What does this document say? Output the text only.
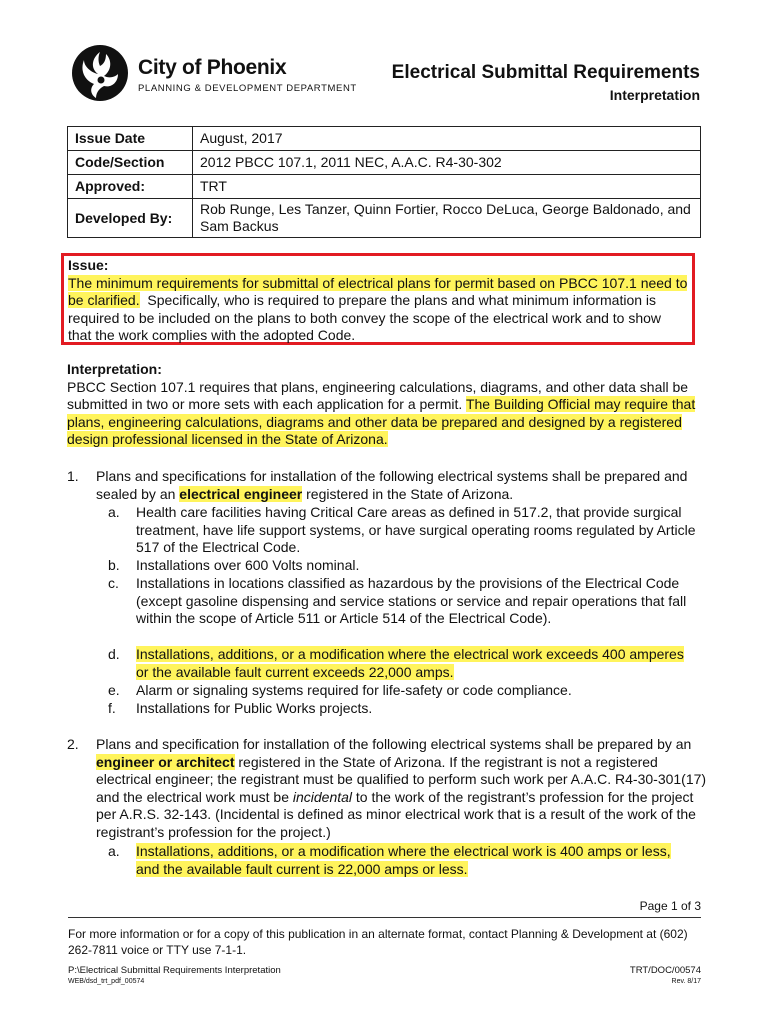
City of Phoenix
PLANNING & DEVELOPMENT DEPARTMENT
Electrical Submittal Requirements
Interpretation
Issue Date	August, 2017
Code/Section	2012 PBCC 107.1, 2011 NEC, A.A.C. R4-30-302
Approved:	TRT
Developed By:	Rob Runge, Les Tanzer, Quinn Fortier, Rocco DeLuca, George Baldonado, and Sam Backus
Issue:
The minimum requirements for submittal of electrical plans for permit based on PBCC 107.1 need to be clarified. Specifically, who is required to prepare the plans and what minimum information is required to be included on the plans to both convey the scope of the electrical work and to show that the work complies with the adopted Code.
Interpretation:
PBCC Section 107.1 requires that plans, engineering calculations, diagrams, and other data shall be submitted in two or more sets with each application for a permit. The Building Official may require that plans, engineering calculations, diagrams and other data be prepared and designed by a registered design professional licensed in the State of Arizona.
1. Plans and specifications for installation of the following electrical systems shall be prepared and sealed by an electrical engineer registered in the State of Arizona.
a. Health care facilities having Critical Care areas as defined in 517.2, that provide surgical treatment, have life support systems, or have surgical operating rooms regulated by Article 517 of the Electrical Code.
b. Installations over 600 Volts nominal.
c. Installations in locations classified as hazardous by the provisions of the Electrical Code (except gasoline dispensing and service stations or service and repair operations that fall within the scope of Article 511 or Article 514 of the Electrical Code).
d. Installations, additions, or a modification where the electrical work exceeds 400 amperes or the available fault current exceeds 22,000 amps.
e. Alarm or signaling systems required for life-safety or code compliance.
f. Installations for Public Works projects.
2. Plans and specification for installation of the following electrical systems shall be prepared by an engineer or architect registered in the State of Arizona. If the registrant is not a registered electrical engineer; the registrant must be qualified to perform such work per A.A.C. R4-30-301(17) and the electrical work must be incidental to the work of the registrant’s profession for the project per A.R.S. 32-143. (Incidental is defined as minor electrical work that is a result of the work of the registrant’s profession for the project.)
a. Installations, additions, or a modification where the electrical work is 400 amps or less, and the available fault current is 22,000 amps or less.
Page 1 of 3
For more information or for a copy of this publication in an alternate format, contact Planning & Development at (602) 262-7811 voice or TTY use 7-1-1.
P:\Electrical Submittal Requirements Interpretation	TRT/DOC/00574
WEB/dsd_trt_pdf_00574	Rev. 8/17
